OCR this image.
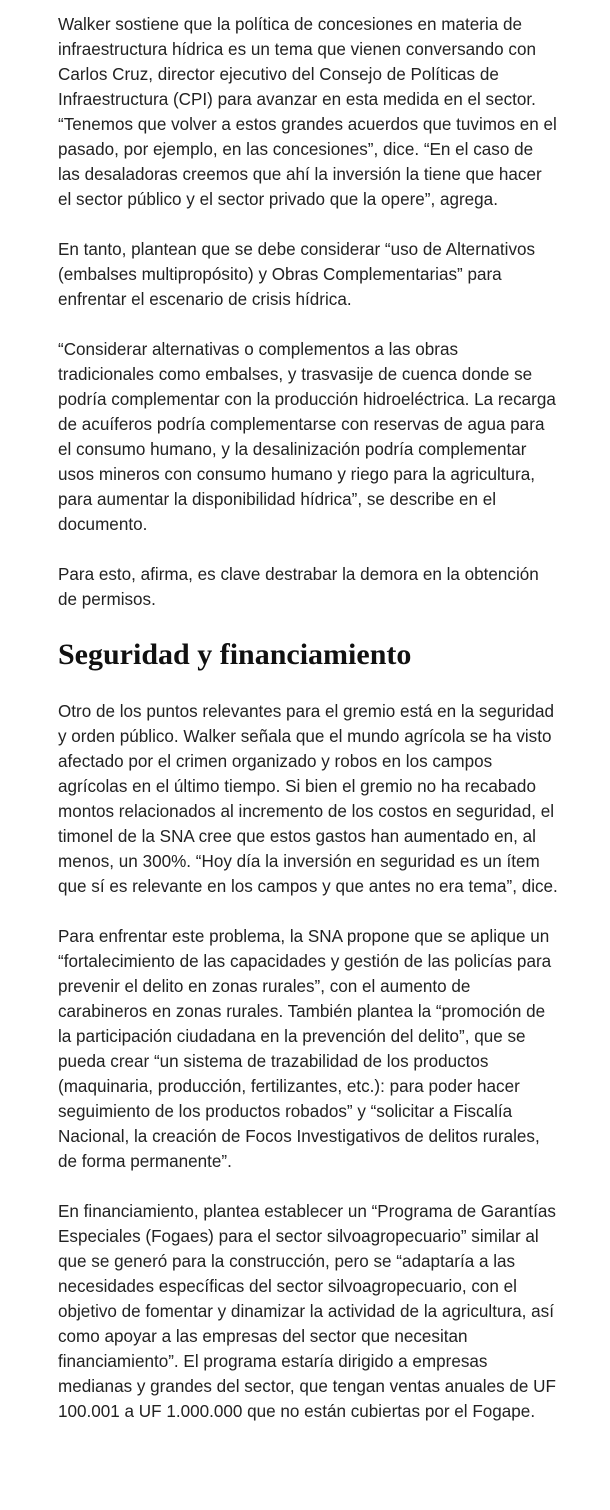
Walker sostiene que la política de concesiones en materia de infraestructura hídrica es un tema que vienen conversando con Carlos Cruz, director ejecutivo del Consejo de Políticas de Infraestructura (CPI) para avanzar en esta medida en el sector. “Tenemos que volver a estos grandes acuerdos que tuvimos en el pasado, por ejemplo, en las concesiones”, dice. “En el caso de las desaladoras creemos que ahí la inversión la tiene que hacer el sector público y el sector privado que la opere”, agrega.

En tanto, plantean que se debe considerar “uso de Alternativos (embalses multipropósito) y Obras Complementarias” para enfrentar el escenario de crisis hídrica.

“Considerar alternativas o complementos a las obras tradicionales como embalses, y trasvasije de cuenca donde se podría complementar con la producción hidroeléctrica. La recarga de acuíferos podría complementarse con reservas de agua para el consumo humano, y la desalinización podría complementar usos mineros con consumo humano y riego para la agricultura, para aumentar la disponibilidad hídrica”, se describe en el documento.

Para esto, afirma, es clave destrabar la demora en la obtención de permisos.

Seguridad y financiamiento

Otro de los puntos relevantes para el gremio está en la seguridad y orden público. Walker señala que el mundo agrícola se ha visto afectado por el crimen organizado y robos en los campos agrícolas en el último tiempo. Si bien el gremio no ha recabado montos relacionados al incremento de los costos en seguridad, el timonel de la SNA cree que estos gastos han aumentado en, al menos, un 300%. “Hoy día la inversión en seguridad es un ítem que sí es relevante en los campos y que antes no era tema”, dice.

Para enfrentar este problema, la SNA propone que se aplique un “fortalecimiento de las capacidades y gestión de las policías para prevenir el delito en zonas rurales”, con el aumento de carabineros en zonas rurales. También plantea la “promoción de la participación ciudadana en la prevención del delito”, que se pueda crear “un sistema de trazabilidad de los productos (maquinaria, producción, fertilizantes, etc.): para poder hacer seguimiento de los productos robados” y “solicitar a Fiscalía Nacional, la creación de Focos Investigativos de delitos rurales, de forma permanente”.

En financiamiento, plantea establecer un “Programa de Garantías Especiales (Fogaes) para el sector silvoagropecuario” similar al que se generó para la construcción, pero se “adaptaría a las necesidades específicas del sector silvoagropecuario, con el objetivo de fomentar y dinamizar la actividad de la agricultura, así como apoyar a las empresas del sector que necesitan financiamiento”. El programa estaría dirigido a empresas medianas y grandes del sector, que tengan ventas anuales de UF 100.001 a UF 1.000.000 que no están cubiertas por el Fogape.
